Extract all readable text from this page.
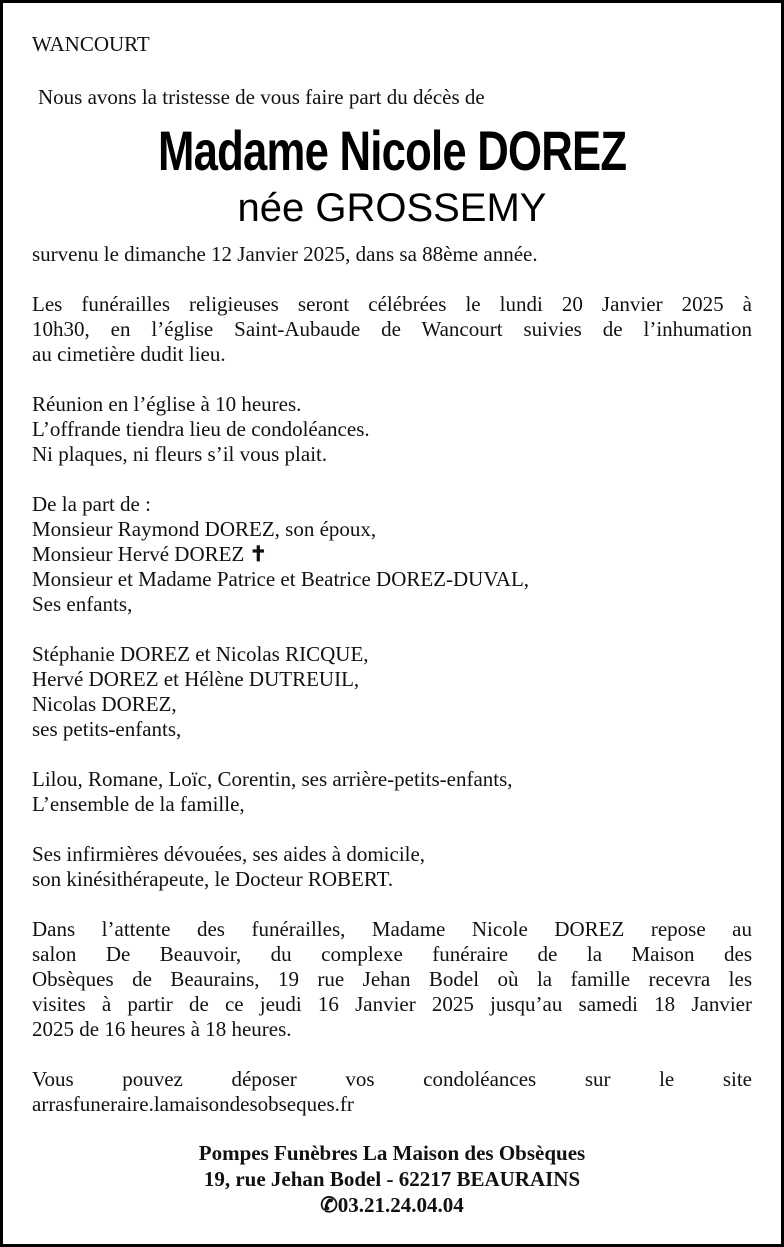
WANCOURT
Nous avons la tristesse de vous faire part du décès de
Madame Nicole DOREZ
née GROSSEMY
survenu le dimanche 12 Janvier 2025, dans sa 88ème année.
Les funérailles religieuses seront célébrées le lundi 20 Janvier 2025 à
10h30, en l’église Saint-Aubaude de Wancourt suivies de l’inhumation
au cimetière dudit lieu.
Réunion en l’église à 10 heures.
L’offrande tiendra lieu de condoléances.
Ni plaques, ni fleurs s’il vous plait.
De la part de :
Monsieur Raymond DOREZ, son époux,
Monsieur Hervé DOREZ ✝
Monsieur et Madame Patrice et Beatrice DOREZ-DUVAL,
Ses enfants,
Stéphanie DOREZ et Nicolas RICQUE,
Hervé DOREZ et Hélène DUTREUIL,
Nicolas DOREZ,
ses petits-enfants,
Lilou, Romane, Loïc, Corentin, ses arrière-petits-enfants,
L’ensemble de la famille,
Ses infirmières dévouées, ses aides à domicile,
son kinésithérapeute, le Docteur ROBERT.
Dans l’attente des funérailles, Madame Nicole DOREZ repose au
salon De Beauvoir, du complexe funéraire de la Maison des
Obsèques de Beaurains, 19 rue Jehan Bodel où la famille recevra les
visites à partir de ce jeudi 16 Janvier 2025 jusqu’au samedi 18 Janvier
2025 de 16 heures à 18 heures.
Vous pouvez déposer vos condoléances sur le site
arrasfuneraire.lamaisondesobseques.fr
Pompes Funèbres La Maison des Obsèques
19, rue Jehan Bodel - 62217 BEAURAINS
✆03.21.24.04.04
